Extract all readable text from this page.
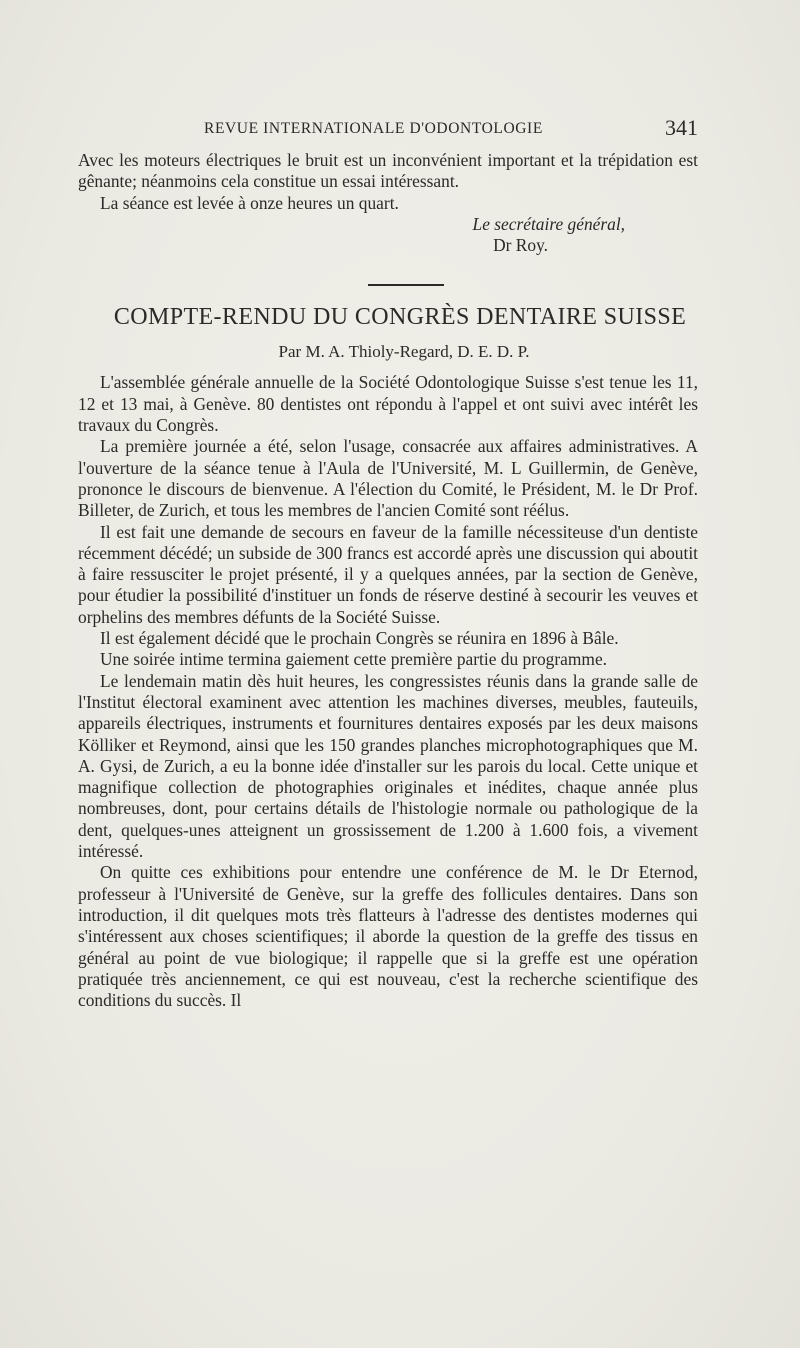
REVUE INTERNATIONALE D'ODONTOLOGIE	341

Avec les moteurs électriques le bruit est un inconvénient important et la trépidation est gênante; néanmoins cela constitue un essai intéressant.

La séance est levée à onze heures un quart.

Le secrétaire général,
Dr Roy.
COMPTE-RENDU DU CONGRÈS DENTAIRE SUISSE
Par M. A. Thioly-Regard, D. E. D. P.

L'assemblée générale annuelle de la Société Odontologique Suisse s'est tenue les 11, 12 et 13 mai, à Genève. 80 dentistes ont répondu à l'appel et ont suivi avec intérêt les travaux du Congrès.

La première journée a été, selon l'usage, consacrée aux affaires administratives. A l'ouverture de la séance tenue à l'Aula de l'Université, M. L Guillermin, de Genève, prononce le discours de bienvenue. A l'élection du Comité, le Président, M. le Dr Prof. Billeter, de Zurich, et tous les membres de l'ancien Comité sont réélus.

Il est fait une demande de secours en faveur de la famille nécessiteuse d'un dentiste récemment décédé; un subside de 300 francs est accordé après une discussion qui aboutit à faire ressusciter le projet présenté, il y a quelques années, par la section de Genève, pour étudier la possibilité d'instituer un fonds de réserve destiné à secourir les veuves et orphelins des membres défunts de la Société Suisse.

Il est également décidé que le prochain Congrès se réunira en 1896 à Bâle.

Une soirée intime termina gaiement cette première partie du programme.

Le lendemain matin dès huit heures, les congressistes réunis dans la grande salle de l'Institut électoral examinent avec attention les machines diverses, meubles, fauteuils, appareils électriques, instruments et fournitures dentaires exposés par les deux maisons Kölliker et Reymond, ainsi que les 150 grandes planches microphotographiques que M. A. Gysi, de Zurich, a eu la bonne idée d'installer sur les parois du local. Cette unique et magnifique collection de photographies originales et inédites, chaque année plus nombreuses, dont, pour certains détails de l'histologie normale ou pathologique de la dent, quelques-unes atteignent un grossissement de 1.200 à 1.600 fois, a vivement intéressé.

On quitte ces exhibitions pour entendre une conférence de M. le Dr Eternod, professeur à l'Université de Genève, sur la greffe des follicules dentaires. Dans son introduction, il dit quelques mots très flatteurs à l'adresse des dentistes modernes qui s'intéressent aux choses scientifiques; il aborde la question de la greffe des tissus en général au point de vue biologique; il rappelle que si la greffe est une opération pratiquée très anciennement, ce qui est nouveau, c'est la recherche scientifique des conditions du succès. Il
